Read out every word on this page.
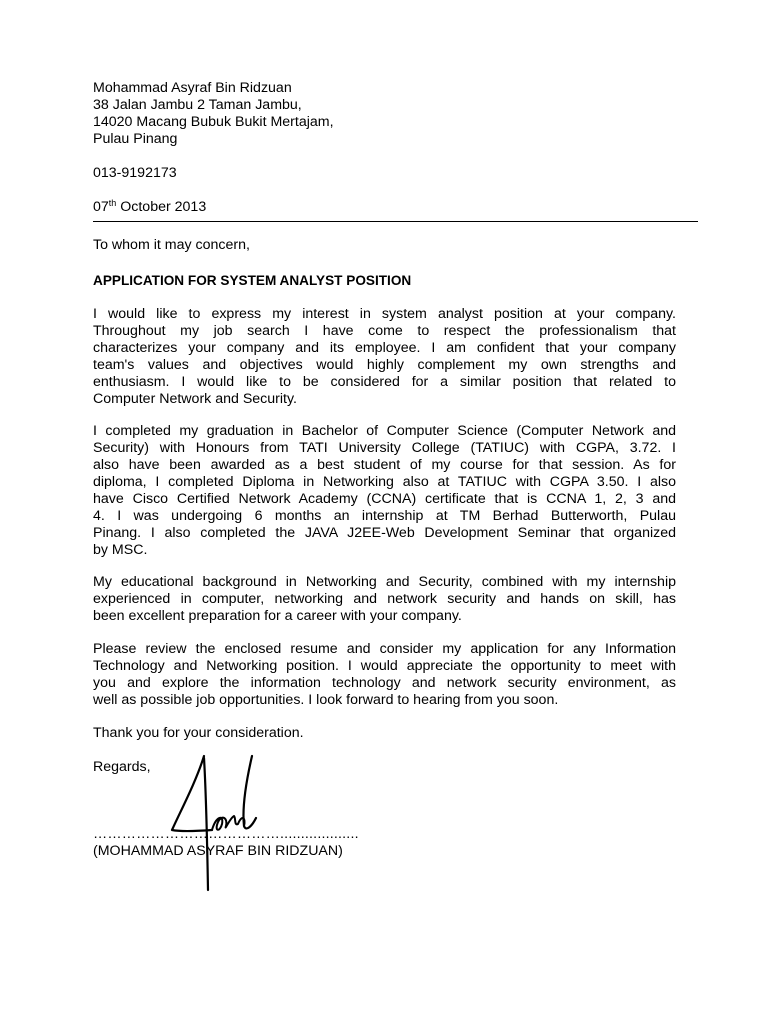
Mohammad Asyraf Bin Ridzuan
38 Jalan Jambu 2 Taman Jambu,
14020 Macang Bubuk Bukit Mertajam,
Pulau Pinang
013-9192173
07th October 2013
To whom it may concern,
APPLICATION FOR SYSTEM ANALYST POSITION

I would like to express my interest in system analyst position at your company.

Throughout my job search I have come to respect the professionalism that

characterizes your company and its employee. I am confident that your company

team's values and objectives would highly complement my own strengths and

enthusiasm. I would like to be considered for a similar position that related to

Computer Network and Security.

I completed my graduation in Bachelor of Computer Science (Computer Network and

Security) with Honours from TATI University College (TATIUC) with CGPA, 3.72. I

also have been awarded as a best student of my course for that session. As for

diploma, I completed Diploma in Networking also at TATIUC with CGPA 3.50. I also

have Cisco Certified Network Academy (CCNA) certificate that is CCNA 1, 2, 3 and

4. I was undergoing 6 months an internship at TM Berhad Butterworth, Pulau

Pinang. I also completed the JAVA J2EE-Web Development Seminar that organized

by MSC.

My educational background in Networking and Security, combined with my internship

experienced in computer, networking and network security and hands on skill, has

been excellent preparation for a career with your company.

Please review the enclosed resume and consider my application for any Information

Technology and Networking position. I would appreciate the opportunity to meet with

you and explore the information technology and network security environment, as

well as possible job opportunities. I look forward to hearing from you soon.

Thank you for your consideration.
Regards,
…………………………………...................
(MOHAMMAD ASYRAF BIN RIDZUAN)
